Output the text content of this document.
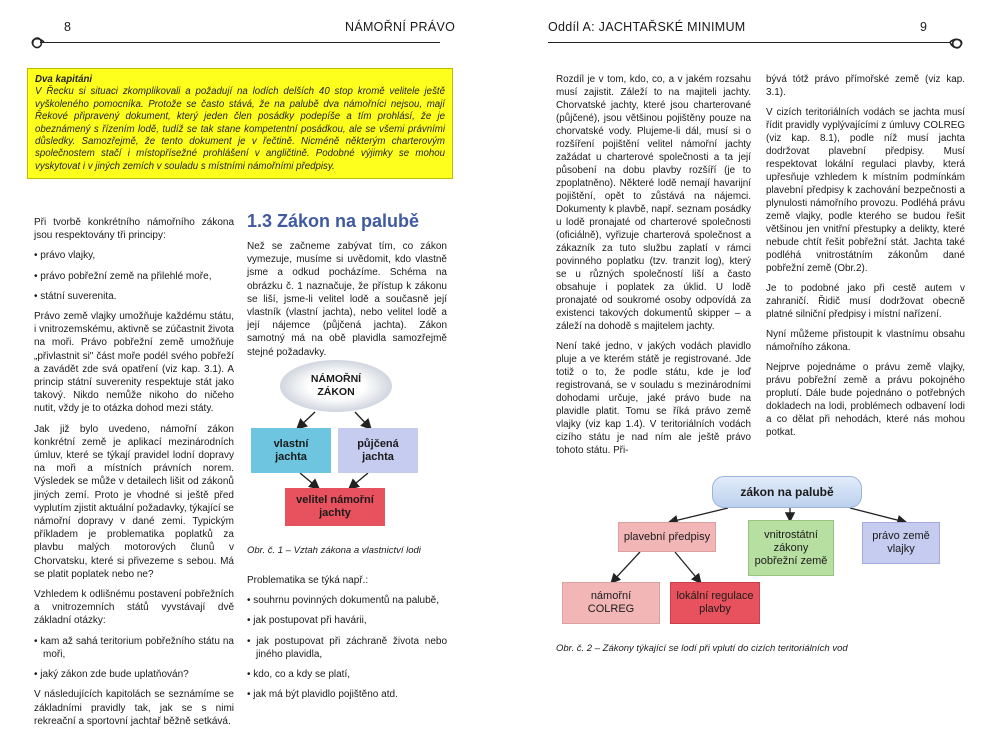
8	NÁMOŘNÍ PRÁVO	Oddíl A: JACHTAŘSKÉ MINIMUM	9
Dva kapitáni
V Řecku si situaci zkomplikovali a požadují na lodích delších 40 stop kromě velitele ještě vyškoleného pomocníka. Protože se často stává, že na palubě dva námořníci nejsou, mají Řekové připravený dokument, který jeden člen posádky podepíše a tím prohlásí, že je obeznámený s řízením lodě, tudíž se tak stane kompetentní posádkou, ale se všemi právními důsledky. Samozřejmě, že tento dokument je v řečtině. Nicméně některým charterovým společnostem stačí i místopřísežné prohlášení v angličtině. Podobné výjimky se mohou vyskytovat i v jiných zemích v souladu s místními námořními předpisy.

Při tvorbě konkrétního námořního zákona jsou respektovány tři principy:

• právo vlajky,

• právo pobřežní země na přilehlé moře,

• státní suverenita.

Právo země vlajky umožňuje každému státu, i vnitrozemskému, aktivně se zúčastnit života na moři. Právo pobřežní země umožňuje „přivlastnit si" část moře podél svého pobřeží a zavádět zde svá opatření (viz kap. 3.1). A princip státní suverenity respektuje stát jako takový. Nikdo nemůže nikoho do ničeho nutit, vždy je to otázka dohod mezi státy.

Jak již bylo uvedeno, námořní zákon konkrétní země je aplikací mezinárodních úmluv, které se týkají pravidel lodní dopravy na moři a místních právních norem. Výsledek se může v detailech lišit od zákonů jiných zemí. Proto je vhodné si ještě před vyplutím zjistit aktuální požadavky, týkající se námořní dopravy v dané zemi. Typickým příkladem je problematika poplatků za plavbu malých motorových člunů v Chorvatsku, které si přivezeme s sebou. Má se platit poplatek nebo ne?

Vzhledem k odlišnému postavení pobřežních a vnitrozemních států vyvstávají dvě základní otázky:

• kam až sahá teritorium pobřežního státu na moři,

• jaký zákon zde bude uplatňován?

V následujících kapitolách se seznámíme se základními pravidly tak, jak se s nimi rekreační a sportovní jachtař běžně setkává.

1.3 Zákon na palubě

Než se začneme zabývat tím, co zákon vymezuje, musíme si uvědomit, kdo vlastně jsme a odkud pocházíme. Schéma na obrázku č. 1 naznačuje, že přístup k zákonu se liší, jsme-li velitel lodě a současně její vlastník (vlastní jachta), nebo velitel lodě a její nájemce (půjčená jachta). Zákon samotný má na obě plavidla samozřejmě stejné požadavky.

NÁMOŘNÍ ZÁKON
vlastní jachta
půjčená jachta
velitel námořní jachty
Obr. č. 1 – Vztah zákona a vlastnictví lodi

Problematika se týká např.:

• souhrnu povinných dokumentů na palubě,

• jak postupovat při havárii,

• jak postupovat při záchraně života nebo jiného plavidla,

• kdo, co a kdy se platí,

• jak má být plavidlo pojištěno atd.

Rozdíl je v tom, kdo, co, a v jakém rozsahu musí zajistit. Záleží to na majiteli jachty. Chorvatské jachty, které jsou charterované (půjčené), jsou většinou pojištěny pouze na chorvatské vody. Plujeme-li dál, musí si o rozšíření pojištění velitel námořní jachty zažádat u charterové společnosti a ta její působení na dobu plavby rozšíří (je to zpoplatněno). Některé lodě nemají havarijní pojištění, opět to zůstává na nájemci. Dokumenty k plavbě, např. seznam posádky u lodě pronajaté od charterové společnosti (oficiálně), vyřizuje charterová společnost a zákazník za tuto službu zaplatí v rámci povinného poplatku (tzv. tranzit log), který se u různých společností liší a často obsahuje i poplatek za úklid. U lodě pronajaté od soukromé osoby odpovídá za existenci takových dokumentů skipper – a záleží na dohodě s majitelem jachty.

Není také jedno, v jakých vodách plavidlo pluje a ve kterém státě je registrované. Jde totiž o to, že podle státu, kde je loď registrovaná, se v souladu s mezinárodními dohodami určuje, jaké právo bude na plavidle platit. Tomu se říká právo země vlajky (viz kap 1.4). V teritoriálních vodách cizího státu je nad ním ale ještě právo tohoto státu. Při-

bývá tótž právo přímořské země (viz kap. 3.1).

V cizích teritoriálních vodách se jachta musí řídit pravidly vyplývajícími z úmluvy COLREG (viz kap. 8.1), podle níž musí jachta dodržovat plavební předpisy. Musí respektovat lokální regulaci plavby, která upřesňuje vzhledem k místním podmínkám plavební předpisy k zachování bezpečnosti a plynulosti námořního provozu. Podléhá právu země vlajky, podle kterého se budou řešit většinou jen vnitřní přestupky a delikty, které nebude chtít řešit pobřežní stát. Jachta také podléhá vnitrostátním zákonům dané pobřežní země (Obr.2).

Je to podobné jako při cestě autem v zahraničí. Řidič musí dodržovat obecně platné silniční předpisy i místní nařízení.

Nyní můžeme přistoupit k vlastnímu obsahu námořního zákona.

Nejprve pojednáme o právu země vlajky, právu pobřežní země a právu pokojného proplutí. Dále bude pojednáno o potřebných dokladech na lodi, problémech odbavení lodi a co dělat při nehodách, které nás mohou potkat.

zákon na palubě
plavební předpisy	vnitrostátní zákony pobřežní země
právo země vlajky
námořní COLREG
lokální regulace plavby
Obr. č. 2 – Zákony týkající se lodí při vplutí do cizích teritoriálních vod
